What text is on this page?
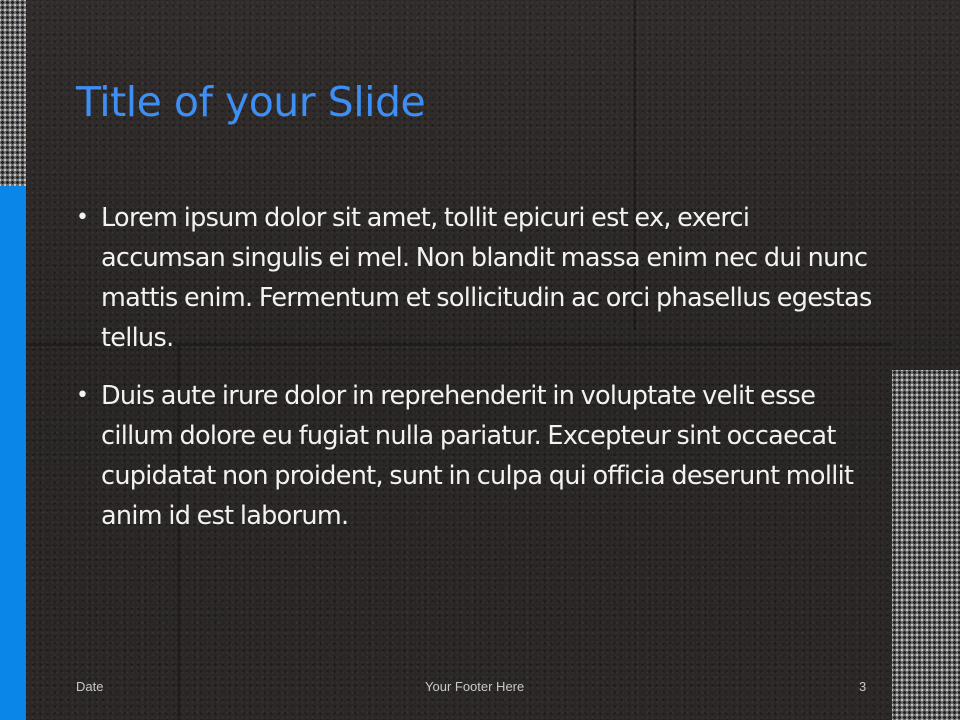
Title of your Slide
• Lorem ipsum dolor sit amet, tollit epicuri est ex, exerci accumsan singulis ei mel. Non blandit massa enim nec dui nunc mattis enim. Fermentum et sollicitudin ac orci phasellus egestas tellus.
• Duis aute irure dolor in reprehenderit in voluptate velit esse cillum dolore eu fugiat nulla pariatur. Excepteur sint occaecat cupidatat non proident, sunt in culpa qui officia deserunt mollit anim id est laborum.
Date	Your Footer Here	3
